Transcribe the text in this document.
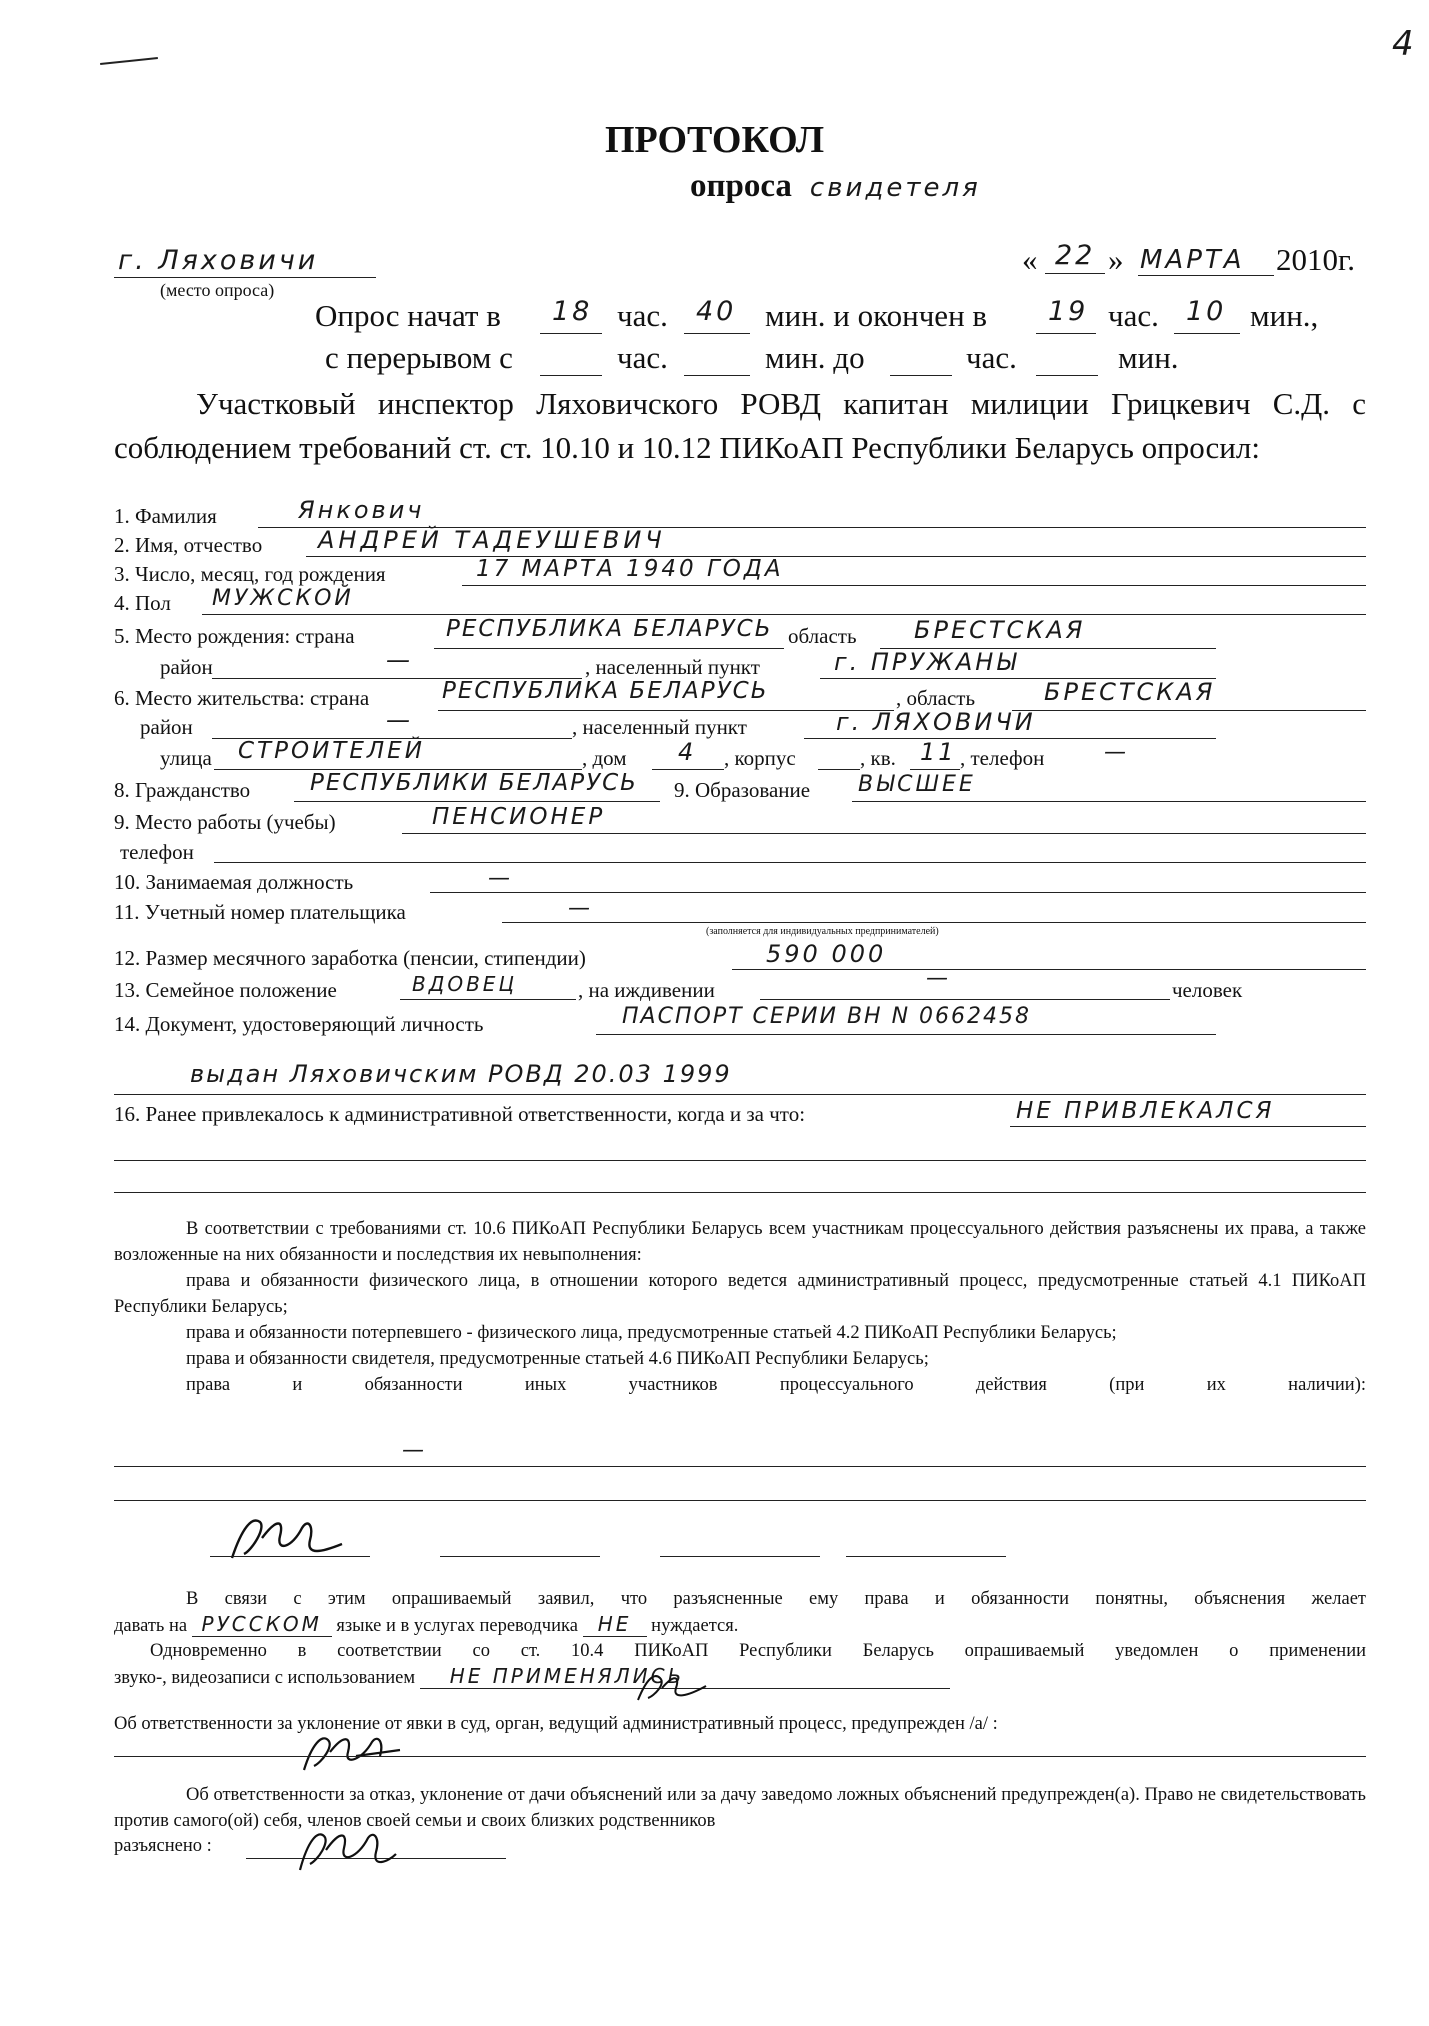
4
ПРОТОКОЛ
опроса свидетеля
г. Ляховичи
(место опроса)
« 22 » МАРТА 2010г.
Опрос начат в 18 час. 40 мин. и окончен в 19 час. 10 мин.,
с перерывом с	час.	мин. до	час.	мин.
Участковый инспектор Ляховичского РОВД капитан милиции Грицкевич С.Д. с соблюдением требований ст. ст. 10.10 и 10.12 ПИКоАП Республики Беларусь опросил:
1. Фамилия	Янкович
2. Имя, отчество АНДРЕЙ ТАДЕУШЕВИЧ
3. Число, месяц, год рождения	17 МАРТА 1940 ГОДА
4. Пол МУЖСКОЙ
5. Место рождения: страна	РЕСПУБЛИКА БЕЛАРУСЬ область БРЕСТСКАЯ
район	—	, населенный пункт	г. ПРУЖАНЫ
6. Место жительства: страна	РЕСПУБЛИКА БЕЛАРУСЬ	, область	БРЕСТСКАЯ
район	—	, населенный пункт	г. ЛЯХОВИЧИ
улица СТРОИТЕЛЕЙ	, дом 4 , корпус	, кв. 11 , телефон	—
8. Гражданство	РЕСПУБЛИКИ БЕЛАРУСЬ 9. Образование ВЫСШЕЕ
9. Место работы (учебы)	ПЕНСИОНЕР
телефон
10. Занимаемая должность	—
11. Учетный номер плательщика	—
(заполняется для индивидуальных предпринимателей)
12. Размер месячного заработка (пенсии, стипендии)	590 000
13. Семейное положение	ВДОВЕЦ	, на иждивении	—	человек
14. Документ, удостоверяющий личность	ПАСПОРТ СЕРИИ ВН N 0662458
выдан Ляховичским РОВД 20.03 1999
16. Ранее привлекалось к административной ответственности, когда и за что:	НЕ ПРИВЛЕКАЛСЯ

В соответствии с требованиями ст. 10.6 ПИКоАП Республики Беларусь всем участникам процессуального действия разъяснены их права, а также возложенные на них обязанности и последствия их невыполнения:

права и обязанности физического лица, в отношении которого ведется административный процесс, предусмотренные статьей 4.1 ПИКоАП Республики Беларусь;

права и обязанности потерпевшего - физического лица, предусмотренные статьей 4.2 ПИКоАП Республики Беларусь;

права и обязанности свидетеля, предусмотренные статьей 4.6 ПИКоАП Республики Беларусь;

права и обязанности иных участников процессуального действия (при их наличии):

—

В связи с этим опрашиваемый заявил, что разъясненные ему права и обязанности понятны, объяснения желает

давать на РУССКОМ языке и в услугах переводчика НЕ нуждается.

Одновременно в соответствии со ст. 10.4 ПИКоАП Республики Беларусь опрашиваемый уведомлен о применении

звуко-, видеозаписи с использованием НЕ ПРИМЕНЯЛИСЬ
Об ответственности за уклонение от явки в суд, орган, ведущий административный процесс, предупрежден /а/ :

Об ответственности за отказ, уклонение от дачи объяснений или за дачу заведомо ложных объяснений предупрежден(а). Право не свидетельствовать против самого(ой) себя, членов своей семьи и своих близких родственников

разъяснено :
